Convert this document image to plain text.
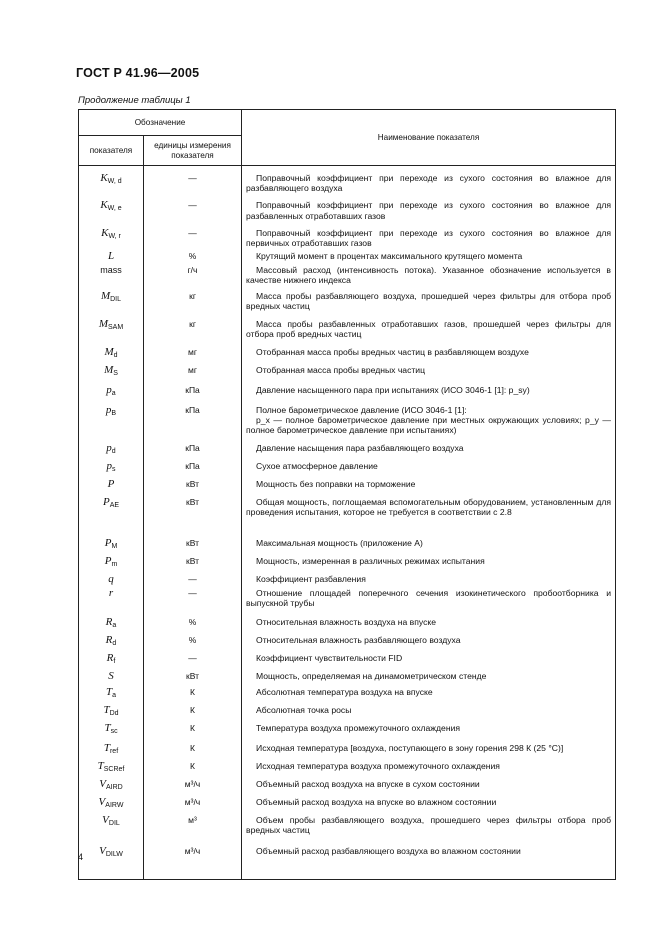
ГОСТ Р 41.96—2005
Продолжение таблицы 1
Обозначение		Наименование показателя
показателя	единицы измерения показателя	
$K_{W, d}$	—	Поправочный коэффициент при переходе из сухого состояния во влажное для разбавляющего воздуха

$K_{W, e}$	—	Поправочный коэффициент при переходе из сухого состояния во влажное для разбавленных отработавших газов

$K_{W, r}$	—	Поправочный коэффициент при переходе из сухого состояния во влажное для первичных отработавших газов

L	%	Крутящий момент в процентах максимального крутящего момента

mass	г/ч	Массовый расход (интенсивность потока). Указанное обозначение используется в качестве нижнего индекса

$M_{DIL}$	кг	Масса пробы разбавляющего воздуха, прошедшей через фильтры для отбора проб вредных частиц

$M_{SAM}$	кг	Масса пробы разбавленных отработавших газов, прошедшей через фильтры для отбора проб вредных частиц

$M_d$	мг	Отобранная масса пробы вредных частиц в разбавляющем воздухе

$M_S$	мг	Отобранная масса пробы вредных частиц

$p_a$	кПа	Давление насыщенного пара при испытаниях (ИСО 3046-1 [1]: p_sy)

$p_B$	кПа	Полное барометрическое давление (ИСО 3046-1 [1]:
p_x — полное барометрическое давление при местных окружающих условиях; p_y — полное барометрическое давление при испытаниях)

$p_d$	кПа	Давление насыщения пара разбавляющего воздуха

$p_s$	кПа	Сухое атмосферное давление

P	кВт	Мощность без поправки на торможение

$P_{AE}$	кВт	Общая мощность, поглощаемая вспомогательным оборудованием, установленным для проведения испытания, которое не требуется в соответствии с 2.8

$P_M$	кВт	Максимальная мощность (приложение А)

$P_m$	кВт	Мощность, измеренная в различных режимах испытания

q	—	Коэффициент разбавления

r	—	Отношение площадей поперечного сечения изокинетического пробоотборника и выпускной трубы

$R_a$	%	Относительная влажность воздуха на впуске

$R_d$	%	Относительная влажность разбавляющего воздуха

$R_f$	—	Коэффициент чувствительности FID

S	кВт	Мощность, определяемая на динамометрическом стенде

$T_a$	К	Абсолютная температура воздуха на впуске

$T_{Dd}$	К	Абсолютная точка росы

$T_{sc}$	К	Температура воздуха промежуточного охлаждения

$T_{ref}$	К	Исходная температура [воздуха, поступающего в зону горения 298 К (25 °С)]

$T_{SCRef}$	К	Исходная температура воздуха промежуточного охлаждения

$V_{AIRD}$	м³/ч	Объемный расход воздуха на впуске в сухом состоянии

$V_{AIRW}$	м³/ч	Объемный расход воздуха на впуске во влажном состоянии

$V_{DIL}$	м³	Объем пробы разбавляющего воздуха, прошедшего через фильтры отбора проб вредных частиц

$V_{DILW}$	м³/ч	Объемный расход разбавляющего воздуха во влажном состоянии

4
